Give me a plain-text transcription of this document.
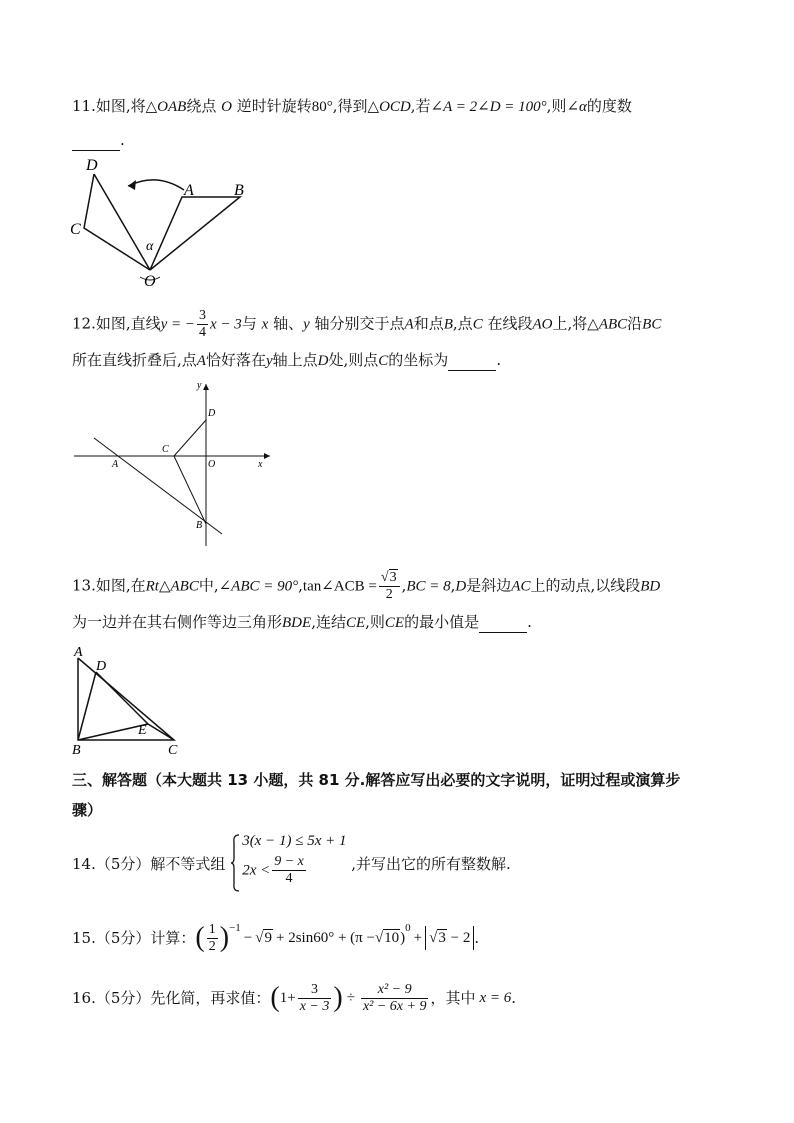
11.如图,将△OAB绕点 O 逆时针旋转80°,得到△OCD,若∠A = 2∠D = 100°,则∠α的度数
.
D
A	B
C
O
α
12.如图,直线y = − $\frac{3}{4}$ x − 3与 x 轴、y 轴分别交于点A和点B,点C 在线段AO上,将△ABC沿BC
所在直线折叠后,点A恰好落在y轴上点D处,则点C的坐标为	.
y
D
C
A	O	x
B
13.如图,在Rt△ABC中,∠ABC = 90°,tan∠ACB = $\frac{√3}{2} ,BC = 8,D$是斜边AC上的动点,以线段BD
为一边并在其右侧作等边三角形BDE,连结CE,则CE的最小值是	.
A
D
E
B	C
三、解答题（本大题共 13 小题，共 81 分.解答应写出必要的文字说明，证明过程或演算步
骤）
14.（5分）解不等式组
3(x − 1) ≤ 5x + 1
$2x < \frac{9 - x}{4}$	,并写出它的所有整数解.
15.（5分）计算： ( $\frac{1}{2} )^{-1}$
− √9 + 2sin60° + (π − √10 )
$^0$
+ √3 − 2 .
16.（5分）先化简，再求值： ( $1+ \frac{3}{x - 3}$ ) ÷ $\frac{\text{x² − 9}}{\text{x² − 6x + 9}}$ ，其中 x = 6 .
